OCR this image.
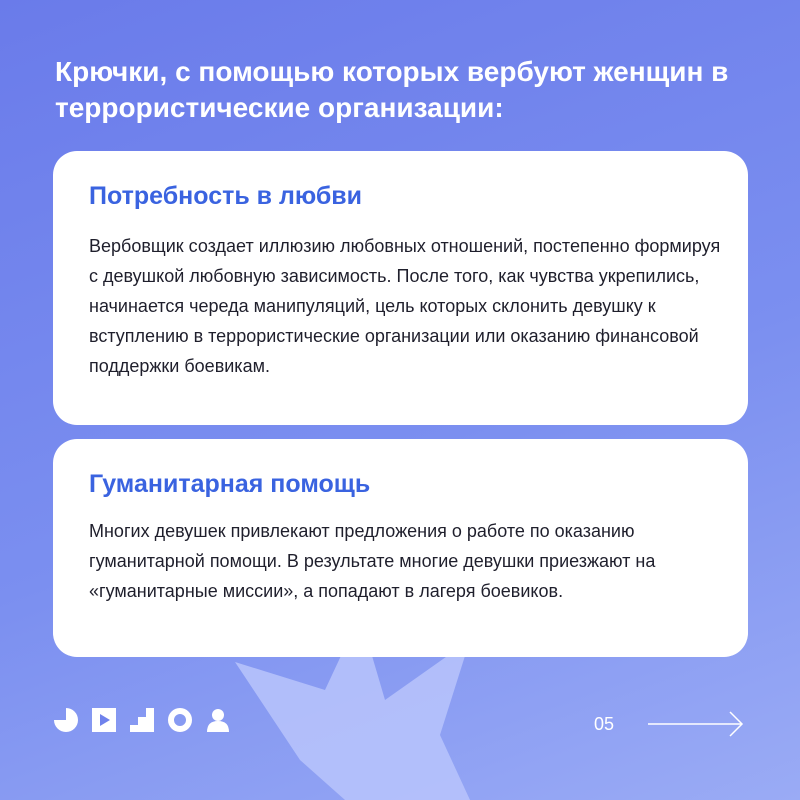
Крючки, с помощью которых вербуют женщин в террористические организации:
Потребность в любви

Вербовщик создает иллюзию любовных отношений, постепенно формируя с девушкой любовную зависимость. После того, как чувства укрепились, начинается череда манипуляций, цель которых склонить девушку к вступлению в террористические организации или оказанию финансовой поддержки боевикам.

Гуманитарная помощь

Многих девушек привлекают предложения о работе по оказанию гуманитарной помощи. В результате многие девушки приезжают на «гуманитарные миссии», а попадают в лагеря боевиков.

05
